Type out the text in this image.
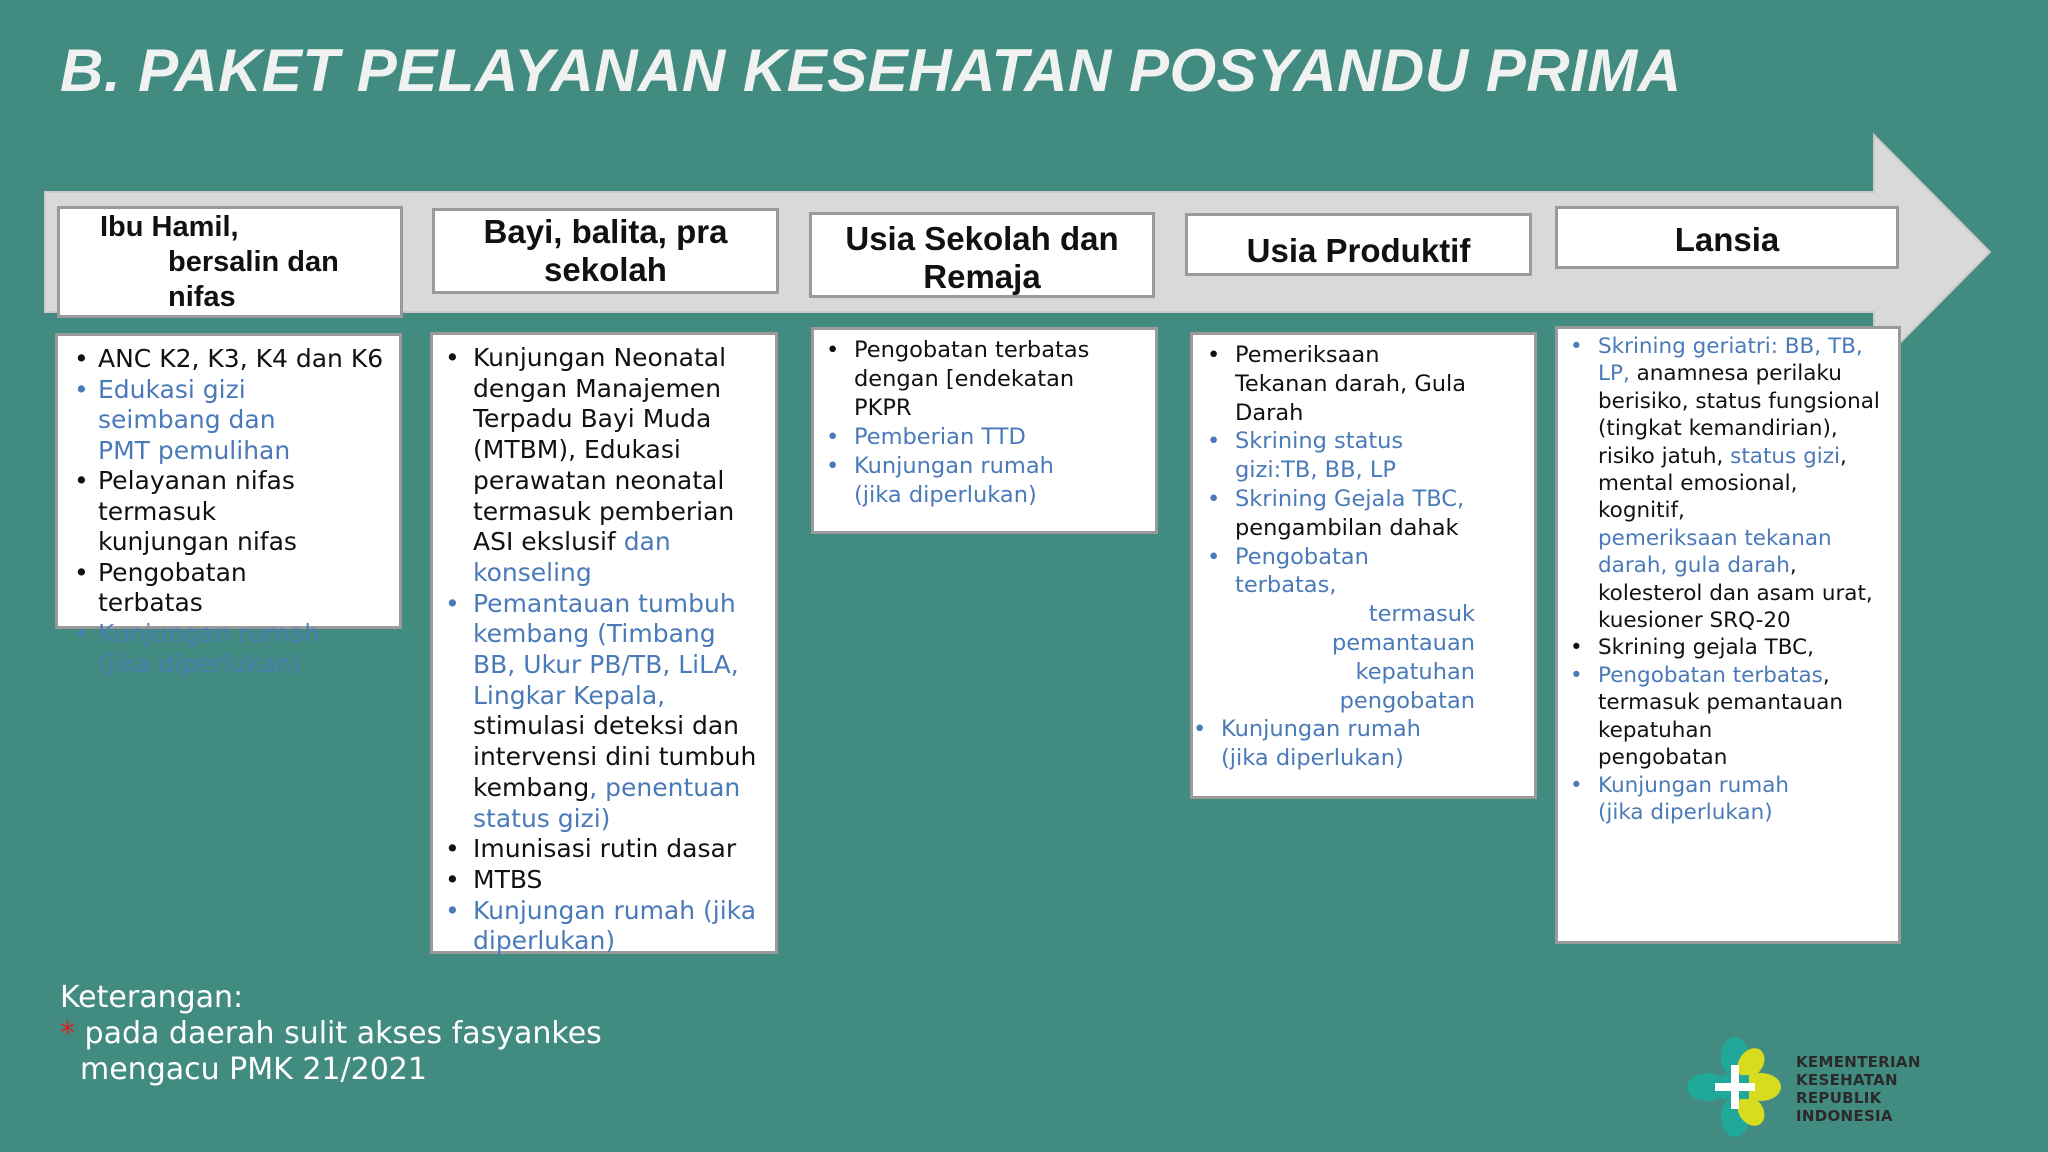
B. PAKET PELAYANAN KESEHATAN POSYANDU PRIMA
Ibu Hamil,
bersalin dan
nifas
Bayi, balita, pra
sekolah
Usia Sekolah dan
Remaja
Usia Produktif	Lansia
• ANC K2, K3, K4 dan K6
• Edukasi gizi seimbang dan PMT pemulihan
• Pelayanan nifas termasuk kunjungan nifas
• Pengobatan terbatas
• Kunjungan rumah (jika diperlukan)
• Kunjungan Neonatal dengan Manajemen Terpadu Bayi Muda (MTBM), Edukasi perawatan neonatal termasuk pemberian ASI ekslusif dan konseling
• Pemantauan tumbuh kembang (Timbang BB, Ukur PB/TB, LiLA, Lingkar Kepala, stimulasi deteksi dan intervensi dini tumbuh kembang, penentuan status gizi)
• Imunisasi rutin dasar
• MTBS
• Kunjungan rumah (jika diperlukan)
• Pengobatan terbatas dengan [endekatan PKPR
• Pemberian TTD
• Kunjungan rumah (jika diperlukan)
• Pemeriksaan Tekanan darah, Gula Darah
• Skrining status gizi:TB, BB, LP
• Skrining Gejala TBC, pengambilan dahak
• Pengobatan terbatas,
termasuk pemantauan kepatuhan pengobatan
• Kunjungan rumah (jika diperlukan)
• Skrining geriatri: BB, TB, LP, anamnesa perilaku berisiko, status fungsional (tingkat kemandirian), risiko jatuh, status gizi, mental emosional, kognitif,
pemeriksaan tekanan darah, gula darah, kolesterol dan asam urat, kuesioner SRQ-20
• Skrining gejala TBC,
• Pengobatan terbatas, termasuk pemantauan kepatuhan pengobatan
• Kunjungan rumah (jika diperlukan)
Keterangan:
* pada daerah sulit akses fasyankes
mengacu PMK 21/2021	KEMENTERIAN
KESEHATAN
REPUBLIK
INDONESIA
